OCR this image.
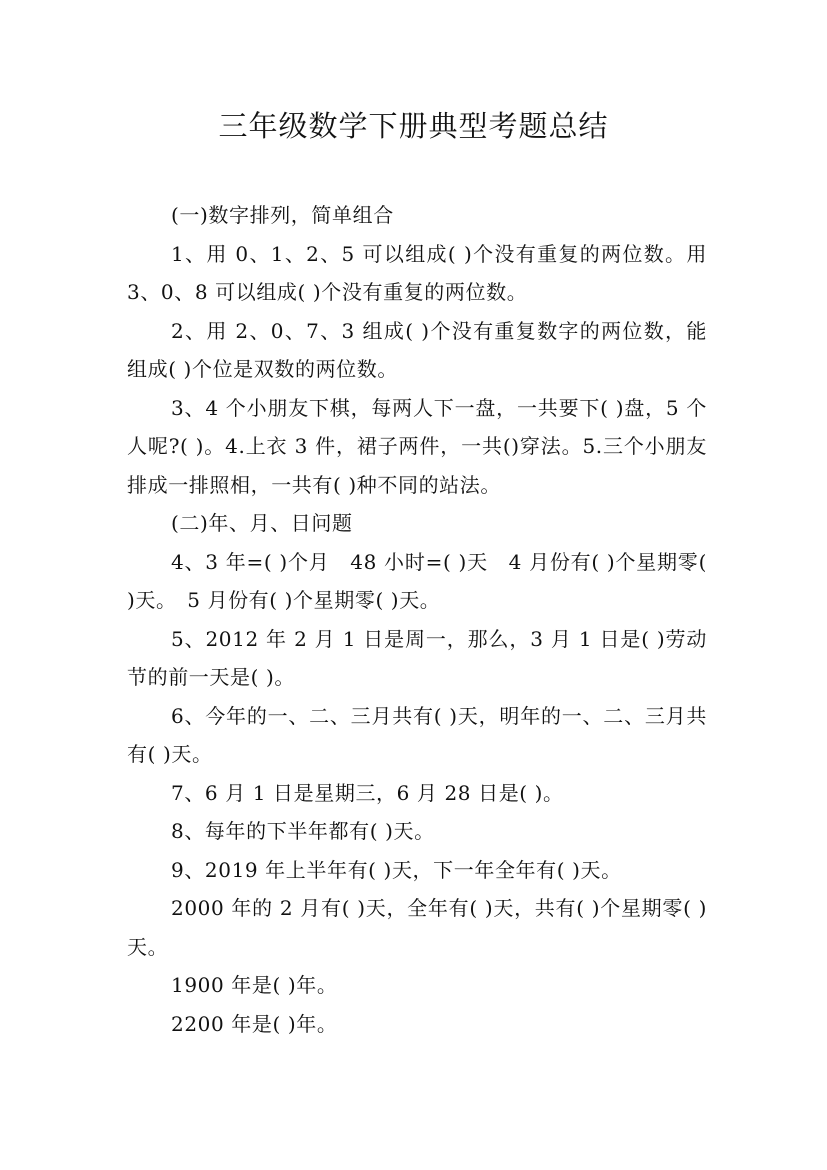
三年级数学下册典型考题总结

(一)数字排列，简单组合

1、用 0、1、2、5 可以组成( )个没有重复的两位数。用 3、0、8 可以组成( )个没有重复的两位数。

2、用 2、0、7、3 组成( )个没有重复数字的两位数，能组成( )个位是双数的两位数。

3、4 个小朋友下棋，每两人下一盘，一共要下( )盘，5 个人呢?( )。4.上衣 3 件，裙子两件，一共()穿法。5.三个小朋友排成一排照相，一共有( )种不同的站法。

(二)年、月、日问题

4、3 年=( )个月　48 小时=( )天　4 月份有( )个星期零( )天。　5 月份有( )个星期零( )天。

5、2012 年 2 月 1 日是周一，那么，3 月 1 日是( )劳动节的前一天是( )。

6、今年的一、二、三月共有( )天，明年的一、二、三月共有( )天。

7、6 月 1 日是星期三，6 月 28 日是( )。

8、每年的下半年都有( )天。

9、2019 年上半年有( )天，下一年全年有( )天。

2000 年的 2 月有( )天，全年有( )天，共有( )个星期零( )天。

1900 年是( )年。

2200 年是( )年。
